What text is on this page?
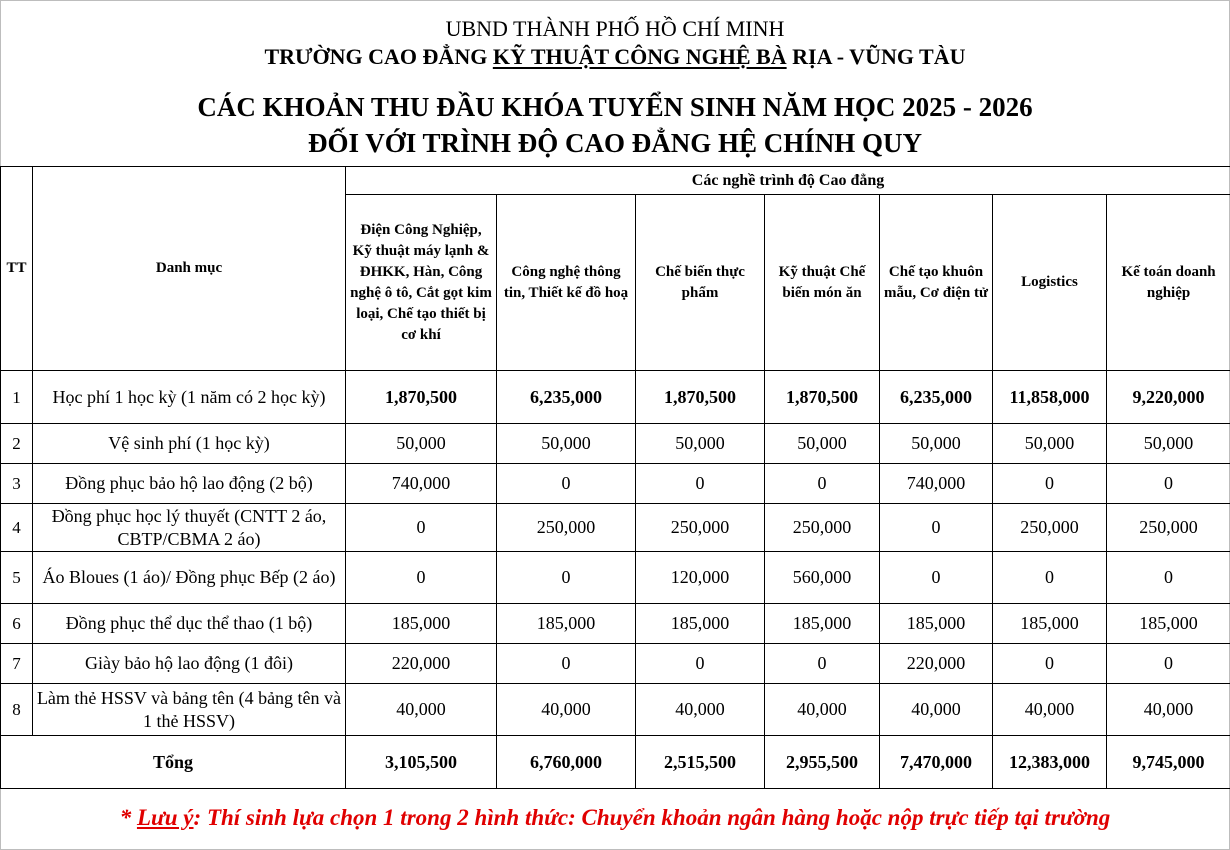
UBND THÀNH PHỐ HỒ CHÍ MINH
TRƯỜNG CAO ĐẲNG KỸ THUẬT CÔNG NGHỆ BÀ RỊA - VŨNG TÀU
CÁC KHOẢN THU ĐẦU KHÓA TUYỂN SINH NĂM HỌC 2025 - 2026
ĐỐI VỚI TRÌNH ĐỘ CAO ĐẲNG HỆ CHÍNH QUY
TT	Danh mục	Các nghề trình độ Cao đẳng						
		Điện Công Nghiệp, Kỹ thuật máy lạnh & ĐHKK, Hàn, Công nghệ ô tô, Cắt gọt kim loại, Chế tạo thiết bị cơ khí	Công nghệ thông tin, Thiết kế đồ hoạ	Chế biến thực phẩm	Kỹ thuật Chế biến món ăn	Chế tạo khuôn mẫu, Cơ điện tử	Logistics	Kế toán doanh nghiệp
1	Học phí 1 học kỳ (1 năm có 2 học kỳ)	1,870,500	6,235,000	1,870,500	1,870,500	6,235,000	11,858,000	9,220,000
2	Vệ sinh phí (1 học kỳ)	50,000	50,000	50,000	50,000	50,000	50,000	50,000
3	Đồng phục bảo hộ lao động (2 bộ)	740,000	0	0	0	740,000	0	0
4	Đồng phục học lý thuyết (CNTT 2 áo, CBTP/CBMA 2 áo)	0	250,000	250,000	250,000	0	250,000	250,000
5	Áo Bloues (1 áo)/ Đồng phục Bếp (2 áo)	0	0	120,000	560,000	0	0	0
6	Đồng phục thể dục thể thao (1 bộ)	185,000	185,000	185,000	185,000	185,000	185,000	185,000
7	Giày bảo hộ lao động (1 đôi)	220,000	0	0	0	220,000	0	0
8	Làm thẻ HSSV và bảng tên (4 bảng tên và 1 thẻ HSSV)	40,000	40,000	40,000	40,000	40,000	40,000	40,000
Tổng		3,105,500	6,760,000	2,515,500	2,955,500	7,470,000	12,383,000	9,745,000
* Lưu ý: Thí sinh lựa chọn 1 trong 2 hình thức: Chuyển khoản ngân hàng hoặc nộp trực tiếp tại trường
